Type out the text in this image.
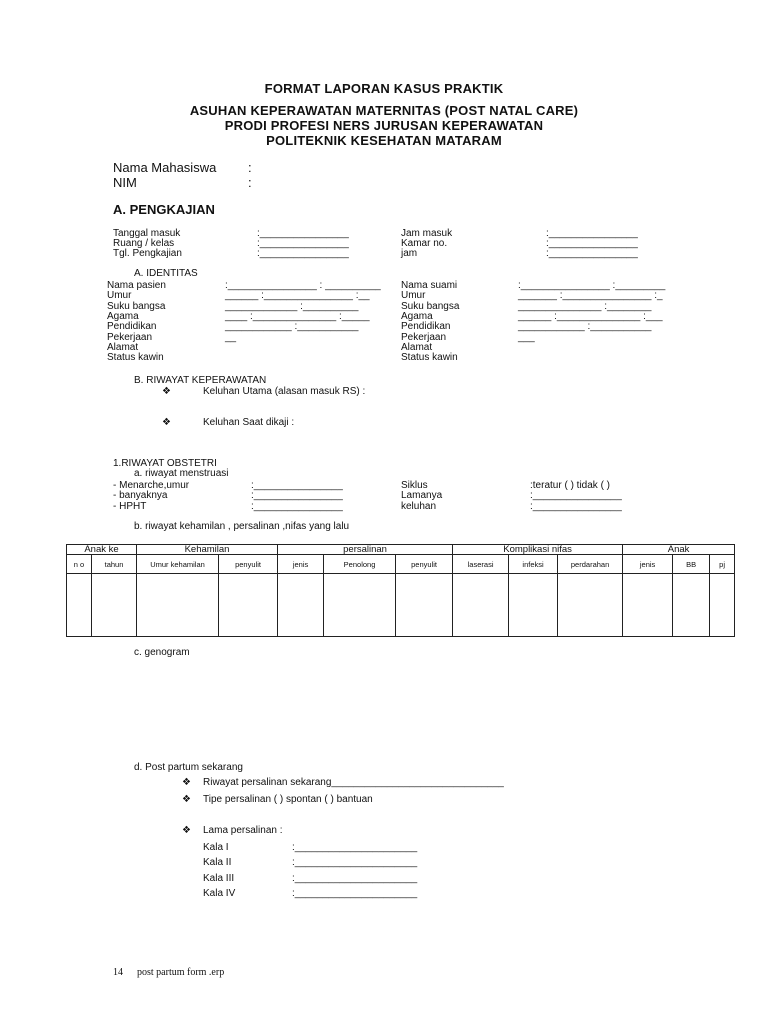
FORMAT LAPORAN KASUS PRAKTIK
ASUHAN KEPERAWATAN MATERNITAS (POST NATAL CARE)
PRODI PROFESI NERS JURUSAN KEPERAWATAN
POLITEKNIK KESEHATAN MATARAM
Nama Mahasiswa :
NIM	:
A. PENGKAJIAN
Tanggal masuk	:________________
Ruang / kelas	:________________
Tgl. Pengkajian	:________________
Jam masuk	:________________
Kamar no.	:________________
jam	:________________
A. IDENTITAS
Nama pasien	:________________ : __________
Umur	______ :________________ :__
Suku bangsa	_____________ :__________
Agama	____ :_______________ :_____
Pendidikan	____________ :___________
Pekerjaan	__
Alamat
Status kawin
Nama suami	:________________ :_________
Umur	_______ :________________ :_
Suku bangsa	_______________ :________
Agama	______ :_______________ :___
Pendidikan	____________ :___________
Pekerjaan	___
Alamat
Status kawin
B. RIWAYAT KEPERAWATAN
❖	Keluhan Utama (alasan masuk RS) :
❖	Keluhan Saat dikaji :
1.RIWAYAT OBSTETRI
a. riwayat menstruasi
- Menarche,umur	:________________
- banyaknya	:________________
- HPHT	:________________
Siklus	:teratur ( ) tidak ( )
Lamanya	:________________
keluhan	:________________
b. riwayat kehamilan , persalinan ,nifas yang lalu
Anak ke		Kehamilan		persalinan			Komplikasi nifas			Anak		
n o	tahun	Umur kehamilan	penyulit	jenis	Penolong	penyulit	laserasi	infeksi	perdarahan	jenis	BB	pj

c. genogram
d. Post partum sekarang
❖ Riwayat persalinan sekarang_______________________________
❖ Tipe persalinan ( ) spontan ( ) bantuan
❖ Lama persalinan :
Kala I	:______________________
Kala II	:______________________
Kala III	:______________________
Kala IV	:______________________
14 post partum form .erp
